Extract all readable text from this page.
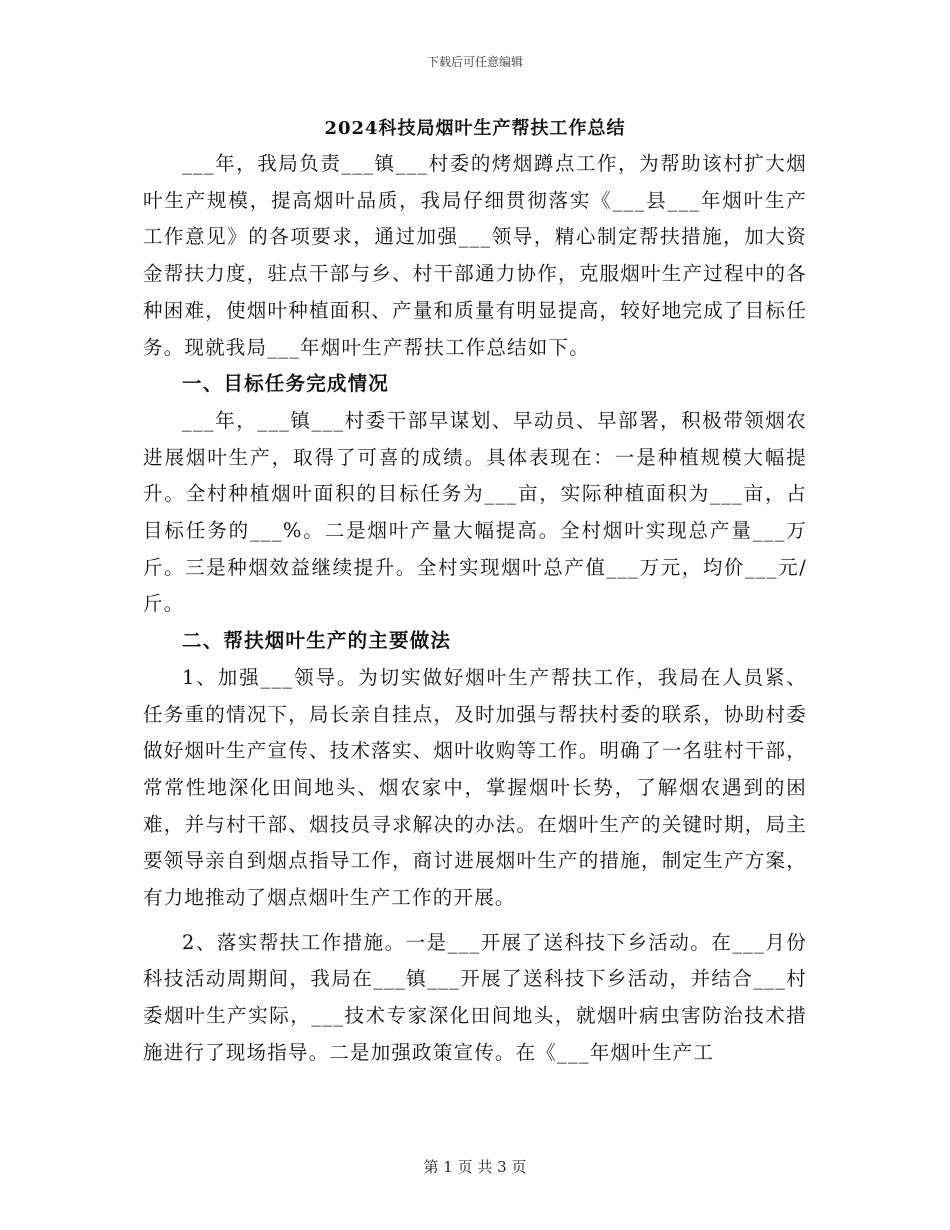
下载后可任意编辑
2024科技局烟叶生产帮扶工作总结

___年，我局负责___镇___村委的烤烟蹲点工作，为帮助该村扩大烟叶生产规模，提高烟叶品质，我局仔细贯彻落实《___县___年烟叶生产工作意见》的各项要求，通过加强___领导，精心制定帮扶措施，加大资金帮扶力度，驻点干部与乡、村干部通力协作，克服烟叶生产过程中的各种困难，使烟叶种植面积、产量和质量有明显提高，较好地完成了目标任务。现就我局___年烟叶生产帮扶工作总结如下。

一、目标任务完成情况

___年，___镇___村委干部早谋划、早动员、早部署，积极带领烟农进展烟叶生产，取得了可喜的成绩。具体表现在：一是种植规模大幅提升。全村种植烟叶面积的目标任务为___亩，实际种植面积为___亩，占目标任务的___%。二是烟叶产量大幅提高。全村烟叶实现总产量___万斤。三是种烟效益继续提升。全村实现烟叶总产值___万元，均价___元/斤。

二、帮扶烟叶生产的主要做法

1、加强___领导。为切实做好烟叶生产帮扶工作，我局在人员紧、任务重的情况下，局长亲自挂点，及时加强与帮扶村委的联系，协助村委做好烟叶生产宣传、技术落实、烟叶收购等工作。明确了一名驻村干部，常常性地深化田间地头、烟农家中，掌握烟叶长势，了解烟农遇到的困难，并与村干部、烟技员寻求解决的办法。在烟叶生产的关键时期，局主要领导亲自到烟点指导工作，商讨进展烟叶生产的措施，制定生产方案，有力地推动了烟点烟叶生产工作的开展。

2、落实帮扶工作措施。一是___开展了送科技下乡活动。在___月份科技活动周期间，我局在___镇___开展了送科技下乡活动，并结合___村委烟叶生产实际，___技术专家深化田间地头，就烟叶病虫害防治技术措施进行了现场指导。二是加强政策宣传。在《___年烟叶生产工

第 1 页 共 3 页
